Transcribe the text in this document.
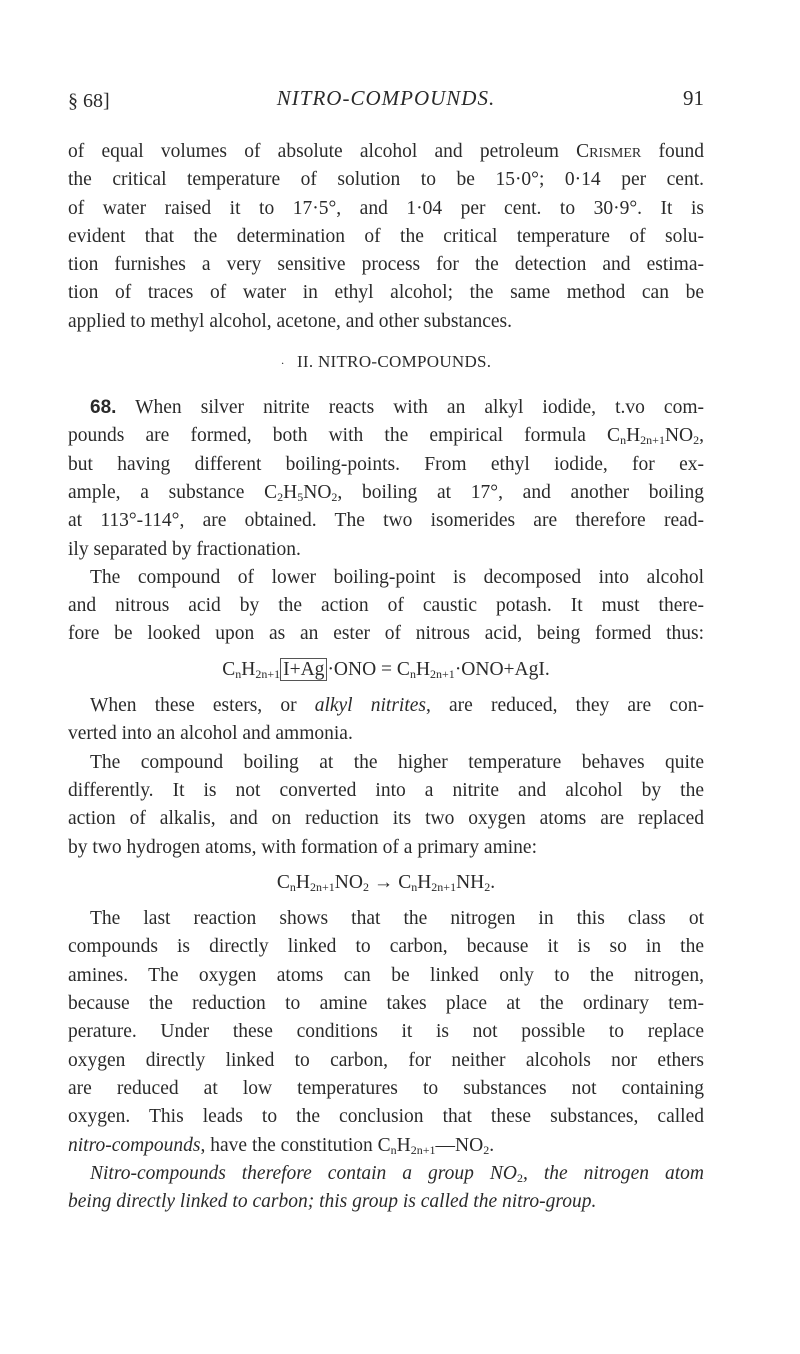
§ 68]	NITRO-COMPOUNDS.	91
of equal volumes of absolute alcohol and petroleum Crismer found
the critical temperature of solution to be 15·0°; 0·14 per cent.
of water raised it to 17·5°, and 1·04 per cent. to 30·9°. It is
evident that the determination of the critical temperature of solu-
tion furnishes a very sensitive process for the detection and estima-
tion of traces of water in ethyl alcohol; the same method can be
applied to methyl alcohol, acetone, and other substances.
· II. NITRO-COMPOUNDS.
68. When silver nitrite reacts with an alkyl iodide, t.vo com-
pounds are formed, both with the empirical formula $C_nH_{2n+1}NO_2$,
but having different boiling-points. From ethyl iodide, for ex-
ample, a substance $C_2H_5NO_2$, boiling at 17°, and another boiling
at 113°-114°, are obtained. The two isomerides are therefore read-
ily separated by fractionation.
The compound of lower boiling-point is decomposed into alcohol
and nitrous acid by the action of caustic potash. It must there-
fore be looked upon as an ester of nitrous acid, being formed thus:
$C_nH_{2n+1}$ $I+Ag \cdot ONO = C_nH_{2n+1}\cdot ONO+AgI$.
When these esters, or alkyl nitrites, are reduced, they are con-
verted into an alcohol and ammonia.
The compound boiling at the higher temperature behaves quite
differently. It is not converted into a nitrite and alcohol by the
action of alkalis, and on reduction its two oxygen atoms are replaced
by two hydrogen atoms, with formation of a primary amine:
$C_nH_{2n+1}NO_2 \to C_nH_{2n+1}NH_2$.
The last reaction shows that the nitrogen in this class ot
compounds is directly linked to carbon, because it is so in the
amines. The oxygen atoms can be linked only to the nitrogen,
because the reduction to amine takes place at the ordinary tem-
perature. Under these conditions it is not possible to replace
oxygen directly linked to carbon, for neither alcohols nor ethers
are reduced at low temperatures to substances not containing
oxygen. This leads to the conclusion that these substances, called
nitro-compounds, have the constitution $C_nH_{2n+1}—NO_2$.
Nitro-compounds therefore contain a group $NO_2$, the nitrogen atom
being directly linked to carbon; this group is called the nitro-group.
